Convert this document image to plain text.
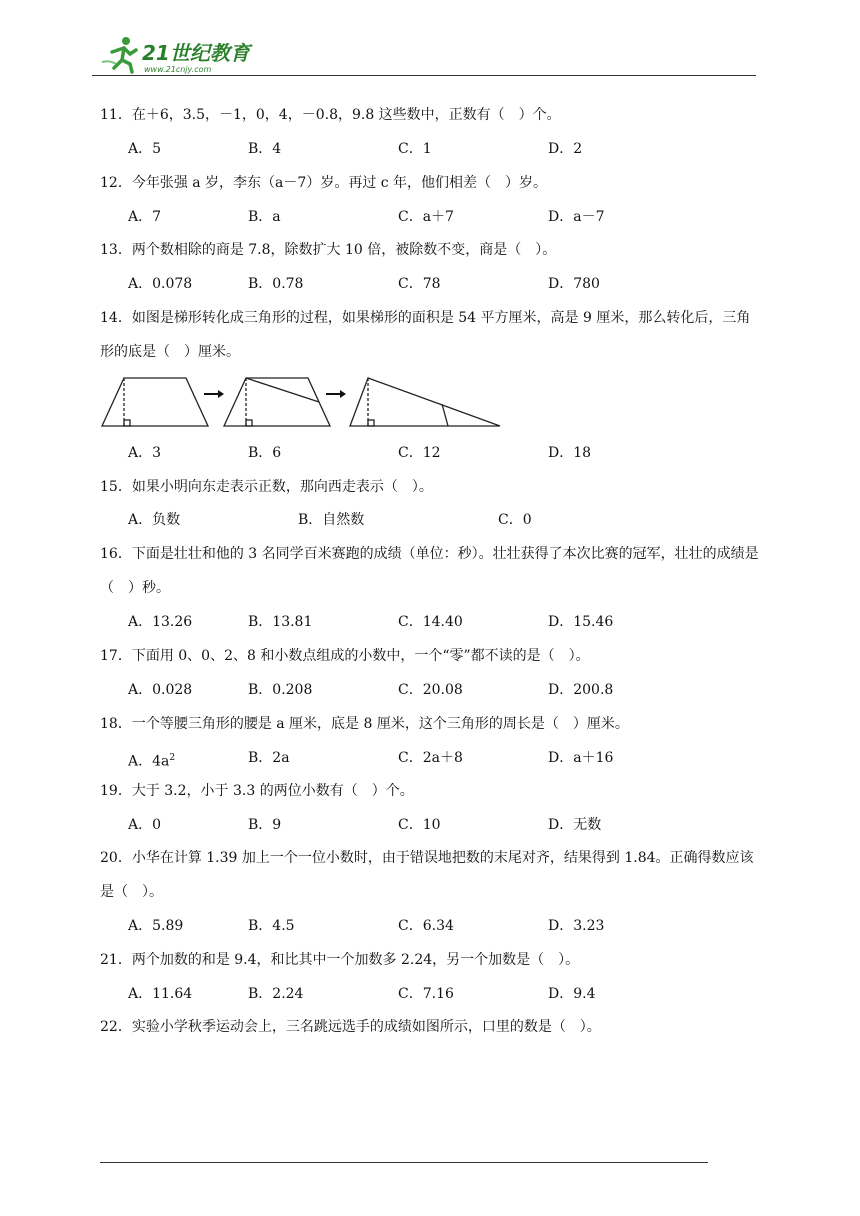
21世纪教育
www.21cnjy.com
11．在＋6，3.5，－1，0，4，－0.8，9.8 这些数中，正数有（　）个。
A．5	B．4	C．1	D．2
12．今年张强 a 岁，李东（a－7）岁。再过 c 年，他们相差（　）岁。
A．7	B．a	C．a＋7	D．a－7
13．两个数相除的商是 7.8，除数扩大 10 倍，被除数不变，商是（　）。
A．0.078	B．0.78	C．78	D．780
14．如图是梯形转化成三角形的过程，如果梯形的面积是 54 平方厘米，高是 9 厘米，那么转化后，三角形的底是（　）厘米。
A．3	B．6	C．12	D．18
15．如果小明向东走表示正数，那向西走表示（　）。
A．负数	B．自然数	C．0
16．下面是壮壮和他的 3 名同学百米赛跑的成绩（单位：秒）。壮壮获得了本次比赛的冠军，壮壮的成绩是（　）秒。
A．13.26	B．13.81	C．14.40	D．15.46
17．下面用 0、0、2、8 和小数点组成的小数中，一个“零”都不读的是（　）。
A．0.028	B．0.208	C．20.08	D．200.8
18．一个等腰三角形的腰是 a 厘米，底是 8 厘米，这个三角形的周长是（　）厘米。
A．$4a^2$	B．2a	C．2a＋8	D．a＋16
19．大于 3.2，小于 3.3 的两位小数有（　）个。
A．0	B．9	C．10	D．无数
20．小华在计算 1.39 加上一个一位小数时，由于错误地把数的末尾对齐，结果得到 1.84。正确得数应该是（　）。
A．5.89	B．4.5	C．6.34	D．3.23
21．两个加数的和是 9.4，和比其中一个加数多 2.24，另一个加数是（　）。
A．11.64	B．2.24	C．7.16	D．9.4
22．实验小学秋季运动会上，三名跳远选手的成绩如图所示，口里的数是（　）。
